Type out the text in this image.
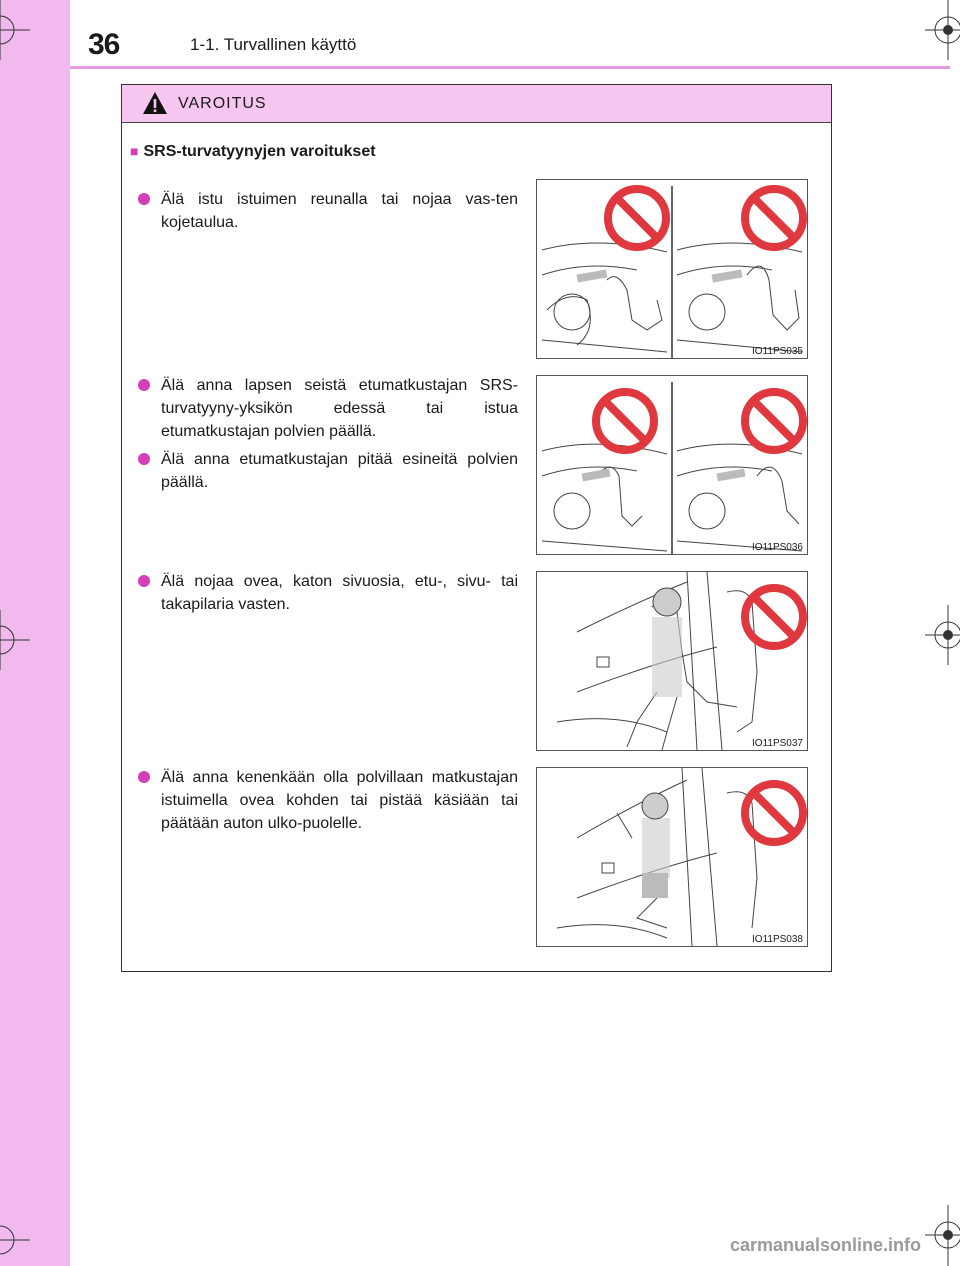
36	1-1. Turvallinen käyttö
VAROITUS
■ SRS-turvatyynyjen varoitukset
Älä istu istuimen reunalla tai nojaa vas-ten kojetaulua.
Älä anna lapsen seistä etumatkustajan SRS-turvatyyny-yksikön edessä tai istua etumatkustajan polvien päällä.
Älä anna etumatkustajan pitää esineitä polvien päällä.
Älä nojaa ovea, katon sivuosia, etu-, sivu- tai takapilaria vasten.
Älä anna kenenkään olla polvillaan matkustajan istuimella ovea kohden tai pistää käsiään tai päätään auton ulko-puolelle.
IO11PS035
IO11PS036
IO11PS037
IO11PS038
carmanualsonline.info
